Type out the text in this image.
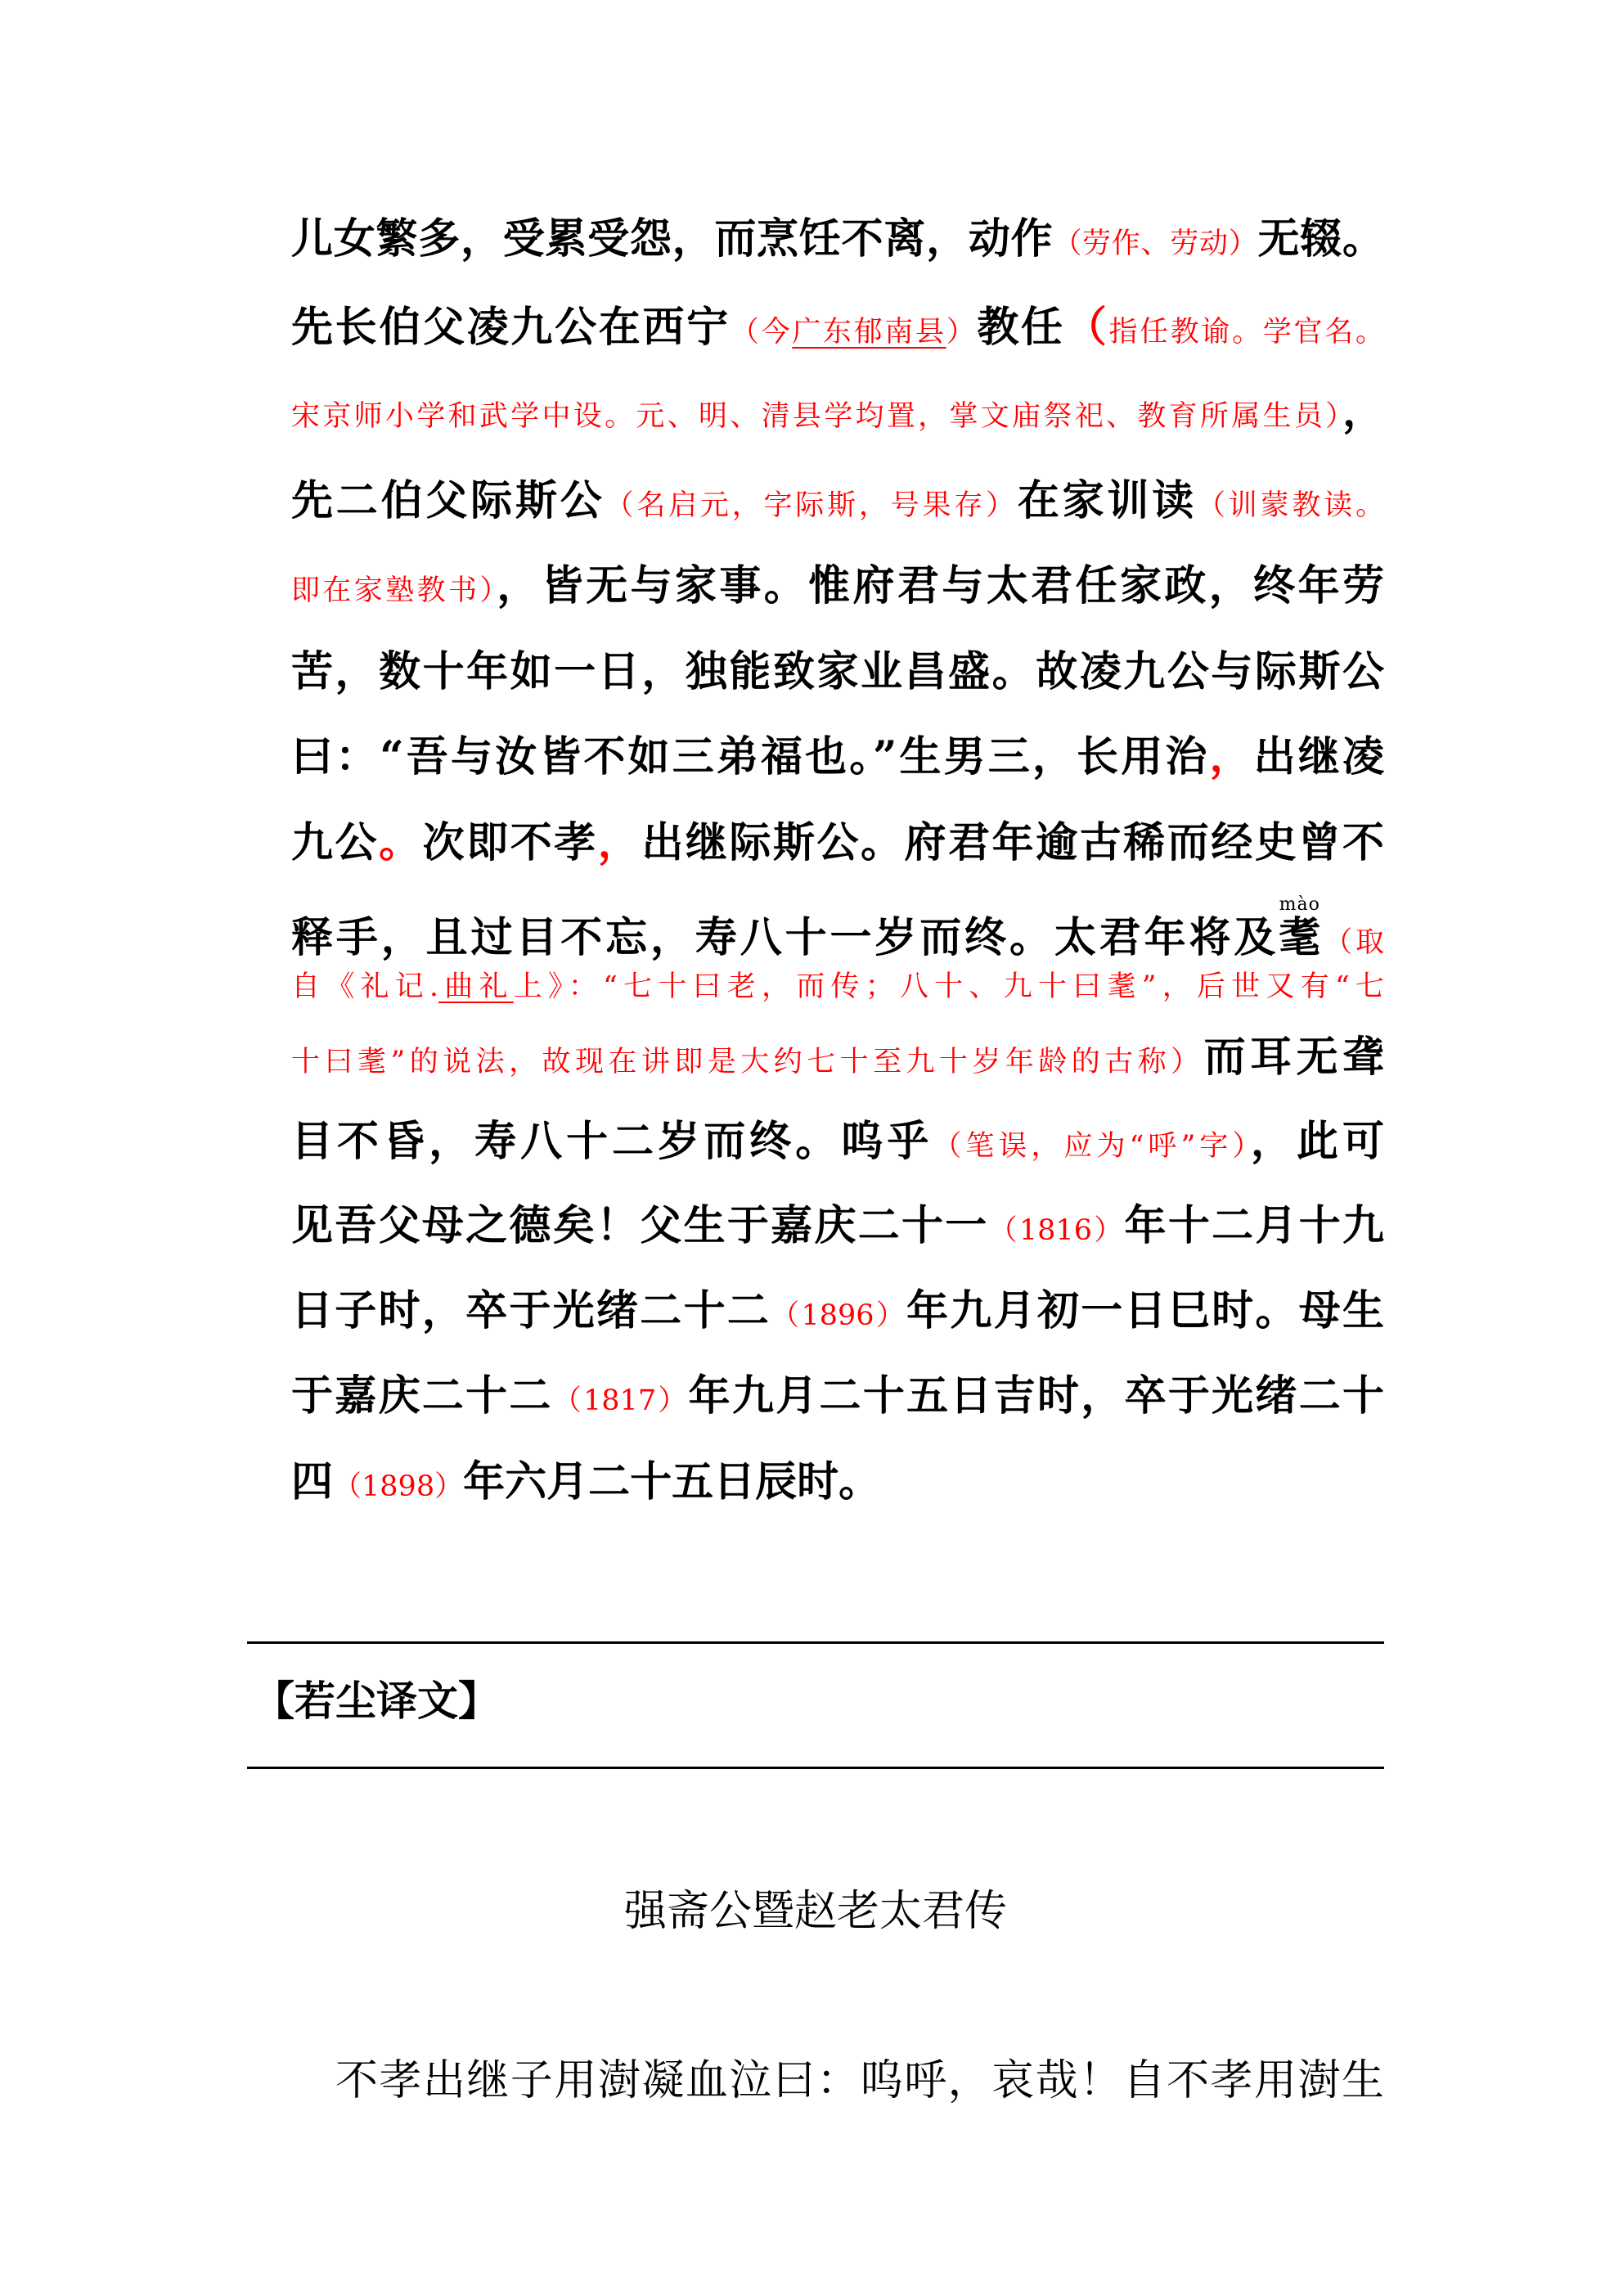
儿女繁多，受累受怨，而烹饪不离，动作（劳作、劳动）无辍。
先长伯父凌九公在西宁（今广东郁南县）教任（指任教谕。学官名。
宋京师小学和武学中设。元、明、清县学均置，掌文庙祭祀、教育所属生员），
先二伯父际斯公（名启元，字际斯，号果存）在家训读（训蒙教读。
即在家塾教书），皆无与家事。惟府君与太君任家政，终年劳
苦，数十年如一日，独能致家业昌盛。故凌九公与际斯公
曰：“吾与汝皆不如三弟福也。”生男三，长用治，出继凌
九公。次即不孝，出继际斯公。府君年逾古稀而经史曾不
释手，且过目不忘，寿八十一岁而终。太君年将及耄mào（取
自《礼记.曲礼上》：“七十曰老，而传；八十、九十曰耄”，后世又有“七
十曰耄”的说法，故现在讲即是大约七十至九十岁年龄的古称）而耳无聋
目不昏，寿八十二岁而终。呜乎（笔误，应为“呼”字），此可
见吾父母之德矣！父生于嘉庆二十一（1816）年十二月十九
日子时，卒于光绪二十二（1896）年九月初一日巳时。母生
于嘉庆二十二（1817）年九月二十五日吉时，卒于光绪二十
四（1898）年六月二十五日辰时。
【若尘译文】
强斋公暨赵老太君传
不孝出继子用澍凝血泣曰：呜呼，哀哉！自不孝用澍生
